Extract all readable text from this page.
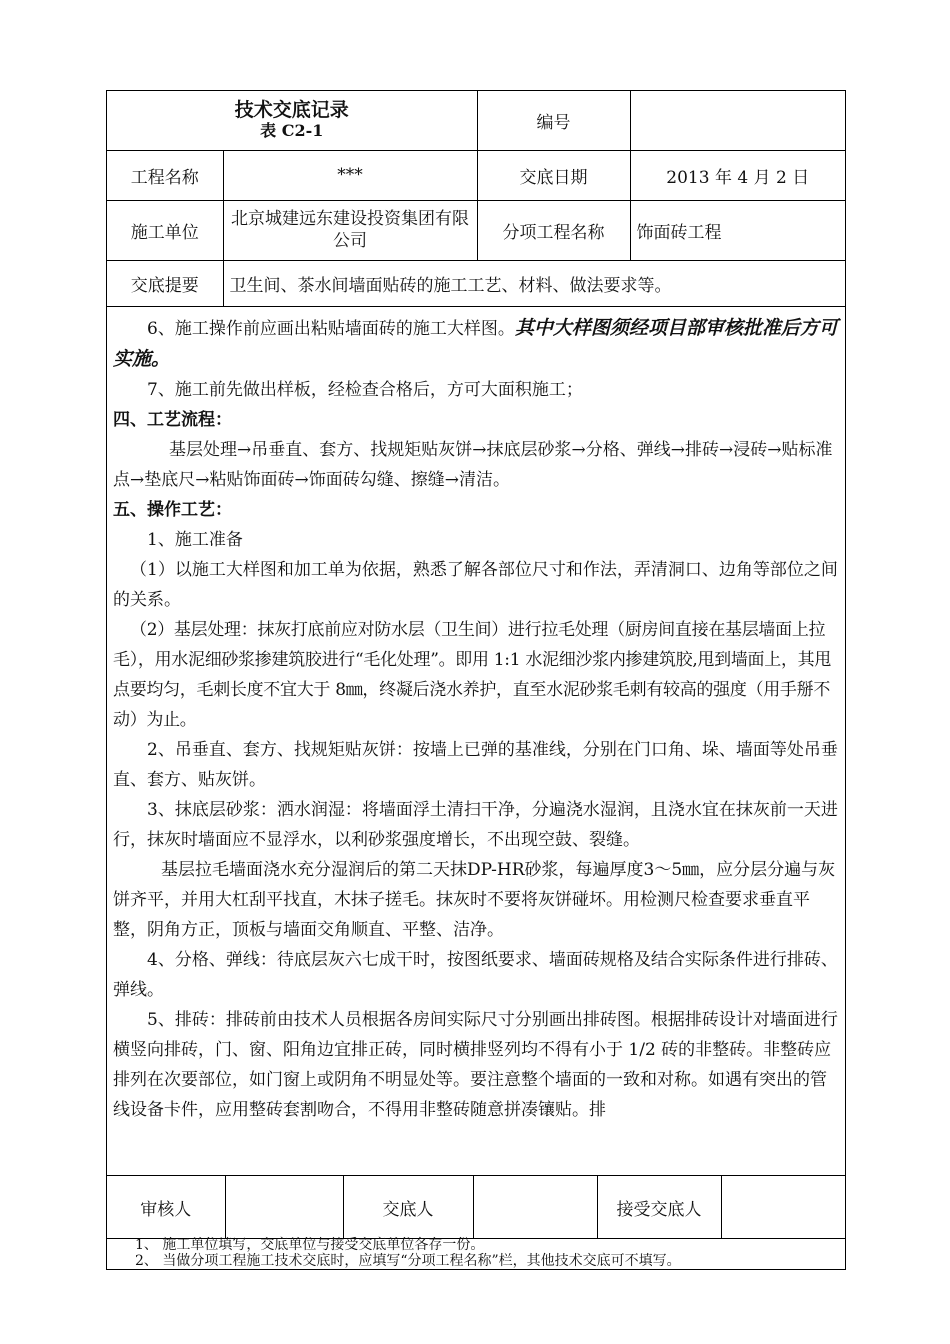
技术交底记录
表 C2-1		编号	
工程名称	***	交底日期	2013 年 4 月 2 日
施工单位	北京城建远东建设投资集团有限公司	分项工程名称	饰面砖工程
交底提要	卫生间、茶水间墙面贴砖的施工工艺、材料、做法要求等。		

6、施工操作前应画出粘贴墙面砖的施工大样图。其中大样图须经项目部审核批准后方可实施。

7、施工前先做出样板，经检查合格后，方可大面积施工；

四、工艺流程：

基层处理→吊垂直、套方、找规矩贴灰饼→抹底层砂浆→分格、弹线→排砖→浸砖→贴标准点→垫底尺→粘贴饰面砖→饰面砖勾缝、擦缝→清洁。

五、操作工艺：

1、施工准备

（1）以施工大样图和加工单为依据，熟悉了解各部位尺寸和作法，弄清洞口、边角等部位之间的关系。

（2）基层处理：抹灰打底前应对防水层（卫生间）进行拉毛处理（厨房间直接在基层墙面上拉毛），用水泥细砂浆掺建筑胶进行“毛化处理”。即用 1:1 水泥细沙浆内掺建筑胶,甩到墙面上，其甩点要均匀，毛刺长度不宜大于 8㎜，终凝后浇水养护，直至水泥砂浆毛刺有较高的强度（用手掰不动）为止。

2、吊垂直、套方、找规矩贴灰饼：按墙上已弹的基准线，分别在门口角、垛、墙面等处吊垂直、套方、贴灰饼。

3、抹底层砂浆：洒水润湿：将墙面浮土清扫干净，分遍浇水湿润，且浇水宜在抹灰前一天进行，抹灰时墙面应不显浮水，以利砂浆强度增长，不出现空鼓、裂缝。

基层拉毛墙面浇水充分湿润后的第二天抹DP-HR砂浆，每遍厚度3～5㎜，应分层分遍与灰饼齐平，并用大杠刮平找直，木抹子搓毛。抹灰时不要将灰饼碰坏。用检测尺检查要求垂直平整，阴角方正，顶板与墙面交角顺直、平整、洁净。

4、分格、弹线：待底层灰六七成干时，按图纸要求、墙面砖规格及结合实际条件进行排砖、弹线。

5、排砖：排砖前由技术人员根据各房间实际尺寸分别画出排砖图。根据排砖设计对墙面进行横竖向排砖，门、窗、阳角边宜排正砖，同时横排竖列均不得有小于 1/2 砖的非整砖。非整砖应排列在次要部位，如门窗上或阴角不明显处等。要注意整个墙面的一致和对称。如遇有突出的管线设备卡件，应用整砖套割吻合，不得用非整砖随意拼凑镶贴。排

审核人		交底人		接受交底人	
1、 施工单位填写，交底单位与接受交底单位各存一份。
2、 当做分项工程施工技术交底时，应填写“分项工程名称”栏，其他技术交底可不填写。
